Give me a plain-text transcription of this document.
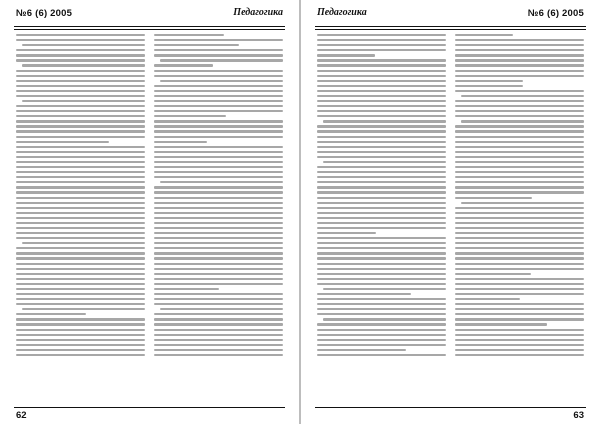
№6 (6) 2005	Педагогика
62
Педагогика	№6 (6) 2005
63
